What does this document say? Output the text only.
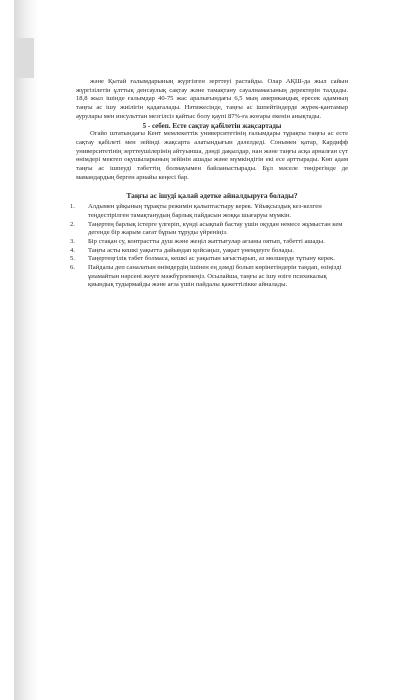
және Қытай ғалымдарының жүргізген зерттеуі растайды. Олар АҚШ-да жыл сайын жүргізілетін ұлттық денсаулық сақтау және тамақтану сауалнамасының деректерін талдады. 18,8 жыл ішінде ғалымдар 40-75 жас аралығындағы 6,5 мың американдық ересек адамның таңғы ас ішу жиілігін қадағалады. Нәтижесінде, таңғы ас ішпейтіндерде жүрек-қантамыр аурулары мен инсульттан мезгілсіз қайтыс болу қаупі 87%-ға жоғары екенін анықтады.

5 - себеп. Есте сақтау қабілетін жақсартады

Огайо штатындағы Кент мемлекеттік университетінің ғалымдары тұрақты таңғы ас есте сақтау қабілеті мен зейінді жақсарта алатындығын дәлелдеді. Сонымен қатар, Кардифф университетінің зерттеушілерінің айтуынша, дәнді дақылдар, нан және таңғы асқа арналған сүт өнімдері мектеп оқушыларының зейінін ашады және мүмкіндігін екі есе арттырады. Көп адам таңғы ас ішпеуді тәбеттің болмауымен байланыстырады. Бұл мәселе төңірегінде де мамандардың берген арнайы кеңесі бар.

Таңғы ас ішуді қалай әдетке айналдыруға болады?

1. Алдымен ұйқының тұрақты режимін қалыптастыру керек. Ұйықсыздық кез-келген теңдестірілген тамақтанудың барлық пайдасын жоққа шығаруы мүмкін.
2. Таңертең барлық істерге үлгеріп, күнді асықпай бастау үшін оқудан немесе жұмыстан кем дегенде бір жарым сағат бұрын тұруды үйреніңіз.
3. Бір стақан су, контрастты душ және жеңіл жаттығулар ағзаны оятып, тәбетті ашады.
4. Таңғы асты кешкі уақытта дайындап қойсаңыз, уақыт үнемдеуге болады.
5. Таңертеңгілік тәбет болмаса, кешкі ас уақытын ығыстырып, аз мөлшерде тұтыну керек.
6. Пайдалы деп саналатын өнімдердің ішінен ең дәмді болып көрінетіндерін таңдап, өзіңізді ұнамайтын нәрсені жеуге мәжбүрлемеңіз. Осылайша, таңғы ас ішу өзіге психикалық қиындық тудырмайды және ағза үшін пайдалы қажеттілікке айналады.
